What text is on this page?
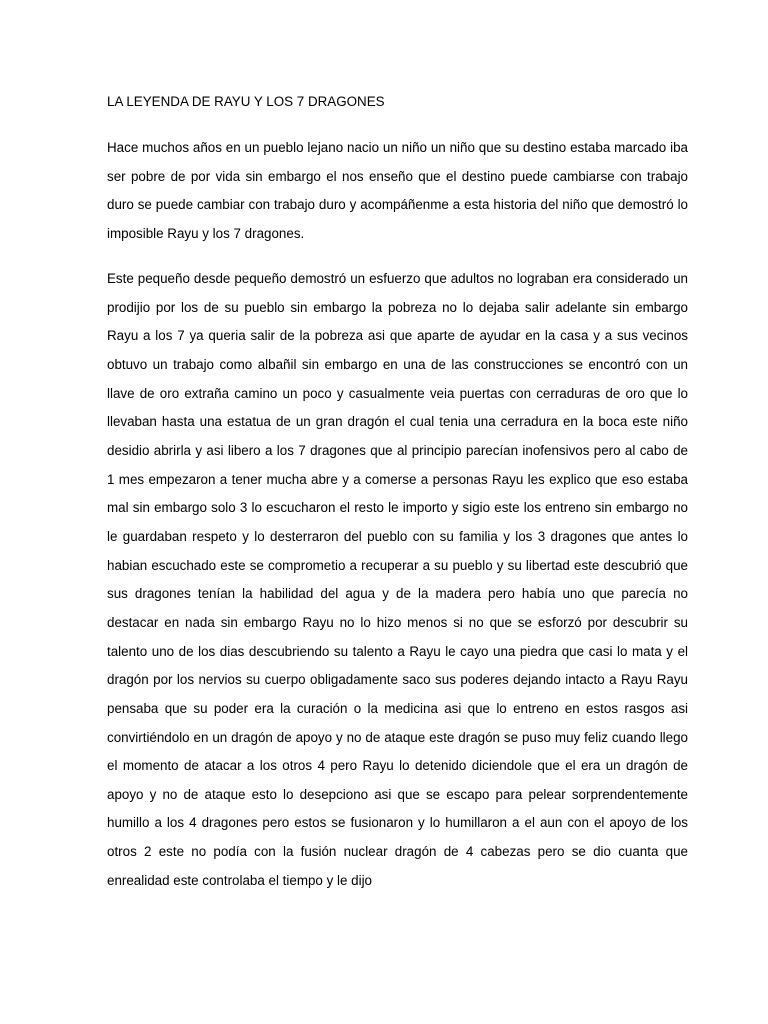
LA LEYENDA DE RAYU Y LOS 7 DRAGONES

Hace muchos años en un pueblo lejano nacio un niño un niño que su destino estaba marcado iba ser pobre de por vida sin embargo el nos enseño que el destino puede cambiarse con trabajo duro se puede cambiar con trabajo duro y acompáñenme a esta historia del niño que demostró lo imposible Rayu y los 7 dragones.

Este pequeño desde pequeño demostró un esfuerzo que adultos no lograban era considerado un prodijio por los de su pueblo sin embargo la pobreza no lo dejaba salir adelante sin embargo Rayu a los 7 ya queria salir de la pobreza asi que aparte de ayudar en la casa y a sus vecinos obtuvo un trabajo como albañil sin embargo en una de las construcciones se encontró con un llave de oro extraña camino un poco y casualmente veia puertas con cerraduras de oro que lo llevaban hasta una estatua de un gran dragón el cual tenia una cerradura en la boca este niño desidio abrirla y asi libero a los 7 dragones que al principio parecían inofensivos pero al cabo de 1 mes empezaron a tener mucha abre y a comerse a personas Rayu les explico que eso estaba mal sin embargo solo 3 lo escucharon el resto le importo y sigio este los entreno sin embargo no le guardaban respeto y lo desterraron del pueblo con su familia y los 3 dragones que antes lo habian escuchado este se comprometio a recuperar a su pueblo y su libertad este descubrió que sus dragones tenían la habilidad del agua y de la madera pero había uno que parecía no destacar en nada sin embargo Rayu no lo hizo menos si no que se esforzó por descubrir su talento uno de los dias descubriendo su talento a Rayu le cayo una piedra que casi lo mata y el dragón por los nervios su cuerpo obligadamente saco sus poderes dejando intacto a Rayu Rayu pensaba que su poder era la curación o la medicina asi que lo entreno en estos rasgos asi convirtiéndolo en un dragón de apoyo y no de ataque este dragón se puso muy feliz cuando llego el momento de atacar a los otros 4 pero Rayu lo detenido diciendole que el era un dragón de apoyo y no de ataque esto lo desepciono asi que se escapo para pelear sorprendentemente humillo a los 4 dragones pero estos se fusionaron y lo humillaron a el aun con el apoyo de los otros 2 este no podía con la fusión nuclear dragón de 4 cabezas pero se dio cuanta que enrealidad este controlaba el tiempo y le dijo
